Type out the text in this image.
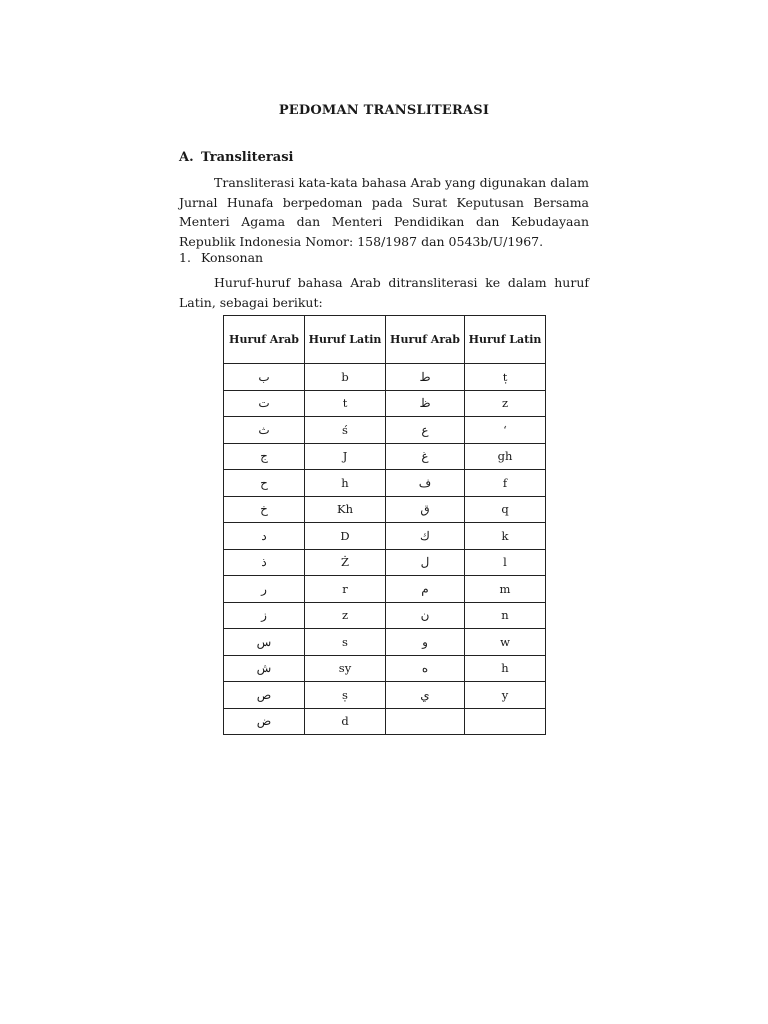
PEDOMAN TRANSLITERASI
A. Transliterasi

Transliterasi kata-kata bahasa Arab yang digunakan dalam Jurnal Hunafa berpedoman pada Surat Keputusan Bersama Menteri Agama dan Menteri Pendidikan dan Kebudayaan Republik Indonesia Nomor: 158/1987 dan 0543b/U/1967.

1. Konsonan

Huruf-huruf bahasa Arab ditransliterasi ke dalam huruf Latin, sebagai berikut:

Huruf Arab	Huruf Latin	Huruf Arab	Huruf Latin
ب	b	ط	ṭ
ت	t	ظ	z
ث	ś	ع	ʻ
ج	J	غ	gh
ح	h	ف	f
خ	Kh	ق	q
د	D	ك	k
ذ	Ż	ل	l
ر	r	م	m
ز	z	ن	n
س	s	و	w
ش	sy	ه	h
ص	ṣ	ي	y
ض	d		
